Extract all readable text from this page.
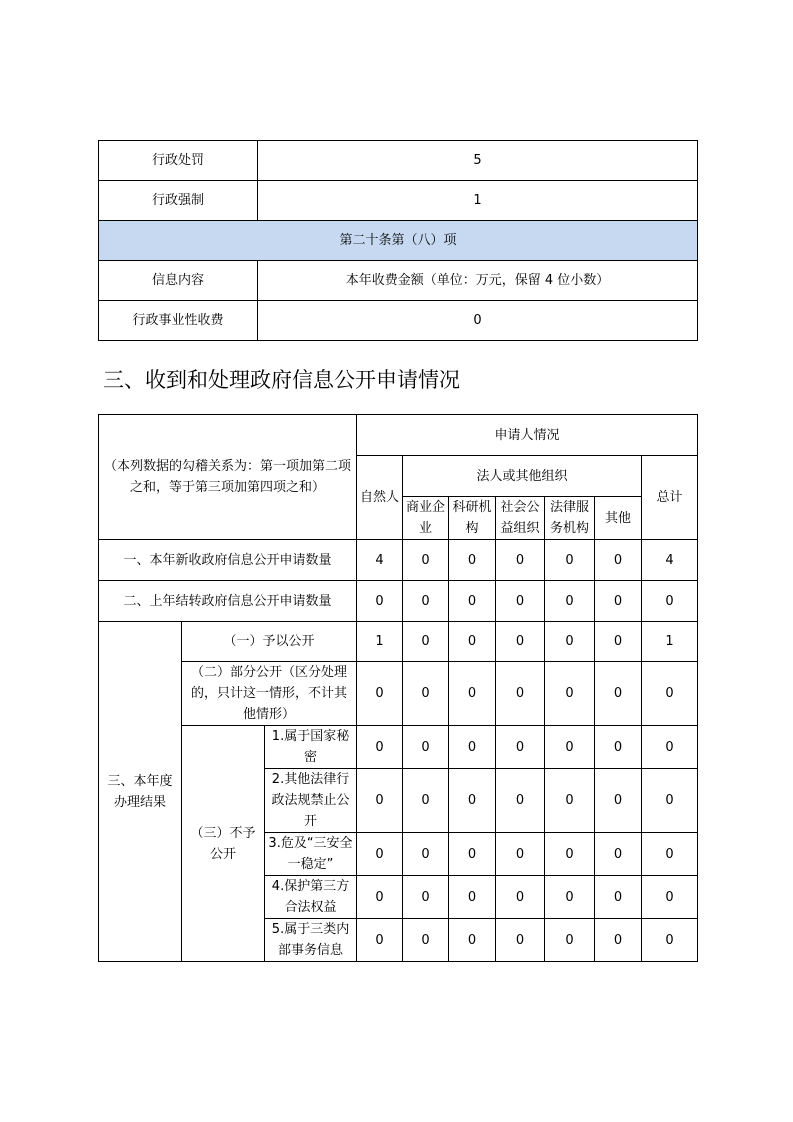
行政处罚	5
行政强制	1
第二十条第（八）项	
信息内容	本年收费金额（单位：万元，保留 4 位小数）
行政事业性收费	0
三、收到和处理政府信息公开申请情况
（本列数据的勾稽关系为：第一项加第二项之和，等于第三项加第四项之和）			申请人情况						
			自然人	法人或其他组织					总计
				商业企业	科研机构	社会公益组织	法律服务机构	其他	
一、本年新收政府信息公开申请数量			4	0	0	0	0	0	4
二、上年结转政府信息公开申请数量			0	0	0	0	0	0	0
三、本年度办理结果	（一）予以公开		1	0	0	0	0	0	1
	（二）部分公开（区分处理的，只计这一情形，不计其他情形）		0	0	0	0	0	0	0
	（三）不予公开	1.属于国家秘密	0	0	0	0	0	0	0
		2.其他法律行政法规禁止公开	0	0	0	0	0	0	0
		3.危及“三安全一稳定”	0	0	0	0	0	0	0
		4.保护第三方合法权益	0	0	0	0	0	0	0
		5.属于三类内部事务信息	0	0	0	0	0	0	0
